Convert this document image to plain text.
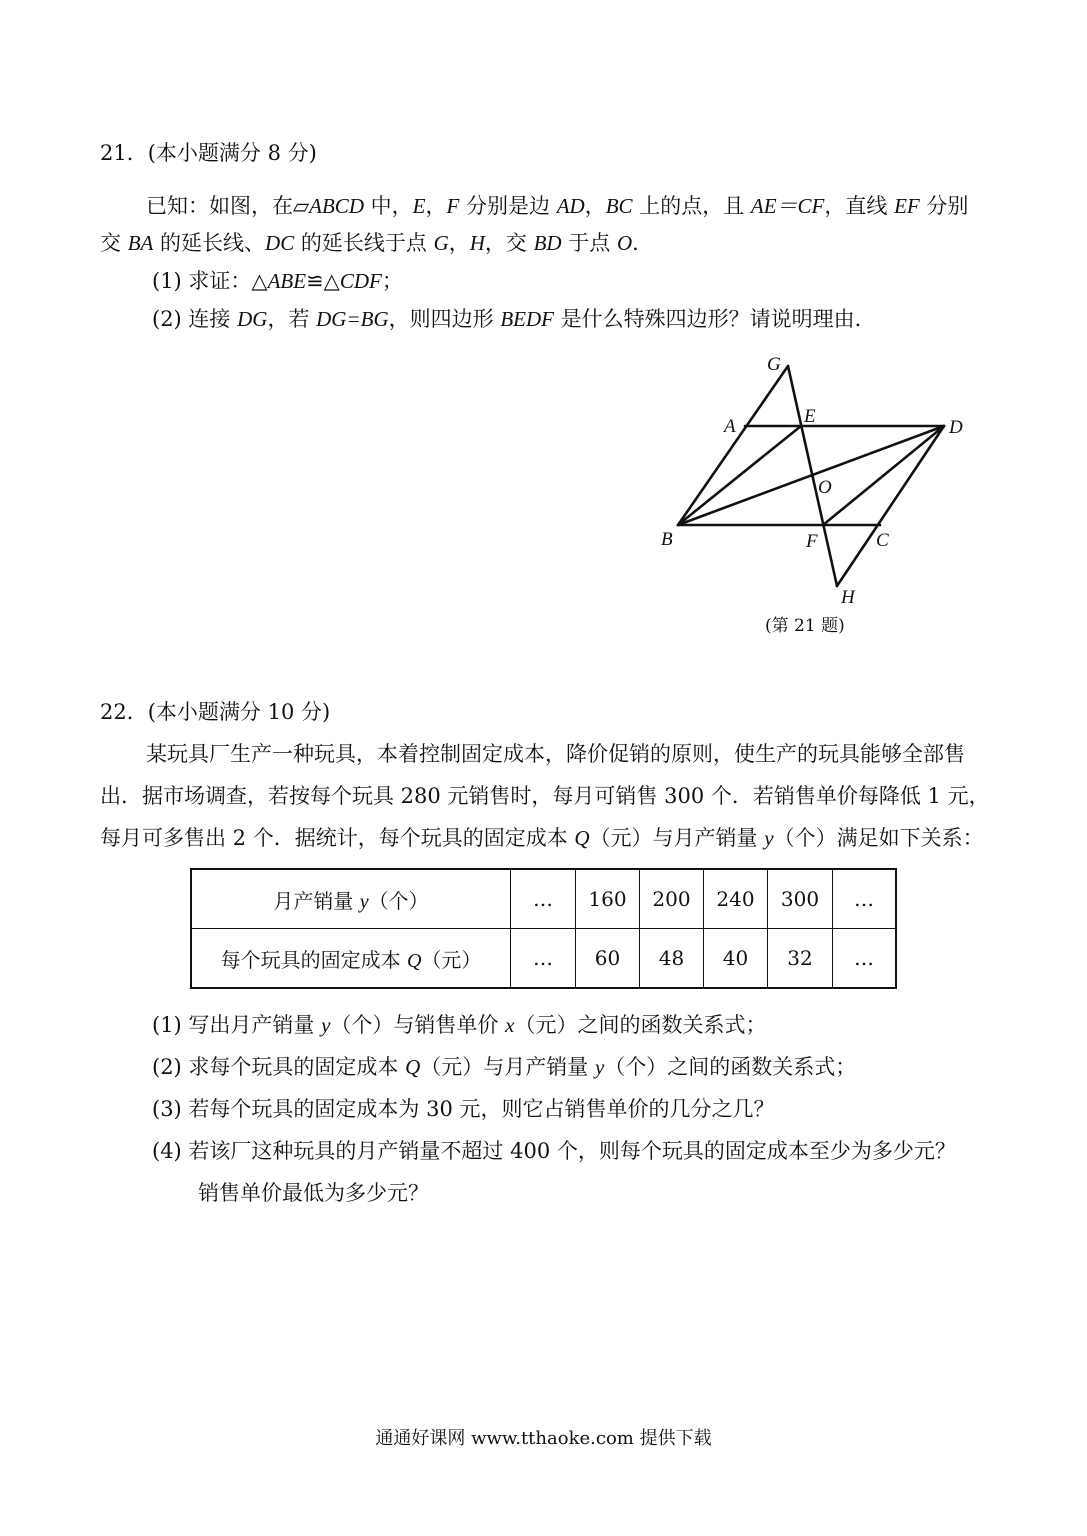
21．(本小题满分 8 分)
已知：如图，在▱ABCD 中，E，F 分别是边 AD，BC 上的点，且 AE＝CF，直线 EF 分别
交 BA 的延长线、DC 的延长线于点 G，H，交 BD 于点 O．
(1) 求证：△ABE≌△CDF；
(2) 连接 DG，若 DG=BG，则四边形 BEDF 是什么特殊四边形？请说明理由．
G
A	E
D
O
B	F	C
H
(第 21 题)
22．(本小题满分 10 分)
某玩具厂生产一种玩具，本着控制固定成本，降价促销的原则，使生产的玩具能够全部售
出．据市场调查，若按每个玩具 280 元销售时，每月可销售 300 个．若销售单价每降低 1 元，
每月可多售出 2 个．据统计，每个玩具的固定成本 Q（元）与月产销量 y（个）满足如下关系：
月产销量 y（个）	…	160	200	240	300	…
每个玩具的固定成本 Q（元）	…	60	48	40	32	…
(1) 写出月产销量 y（个）与销售单价 x（元）之间的函数关系式；
(2) 求每个玩具的固定成本 Q（元）与月产销量 y（个）之间的函数关系式；
(3) 若每个玩具的固定成本为 30 元，则它占销售单价的几分之几？
(4) 若该厂这种玩具的月产销量不超过 400 个，则每个玩具的固定成本至少为多少元？
销售单价最低为多少元？
通通好课网 www.tthaoke.com 提供下载
